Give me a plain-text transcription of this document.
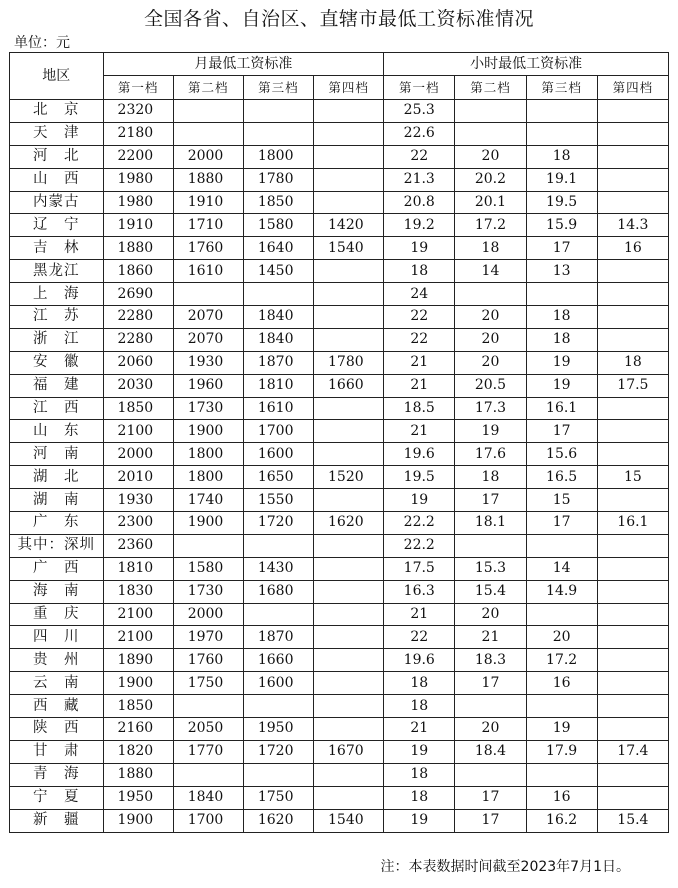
全国各省、自治区、直辖市最低工资标准情况
单位：元
地区	月最低工资标准				小时最低工资标准			
	第一档	第二档	第三档	第四档	第一档	第二档	第三档	第四档
北　京	2320				25.3			
天　津	2180				22.6			
河　北	2200	2000	1800		22	20	18	
山　西	1980	1880	1780		21.3	20.2	19.1	
内蒙古	1980	1910	1850		20.8	20.1	19.5	
辽　宁	1910	1710	1580	1420	19.2	17.2	15.9	14.3
吉　林	1880	1760	1640	1540	19	18	17	16
黑龙江	1860	1610	1450		18	14	13	
上　海	2690				24			
江　苏	2280	2070	1840		22	20	18	
浙　江	2280	2070	1840		22	20	18	
安　徽	2060	1930	1870	1780	21	20	19	18
福　建	2030	1960	1810	1660	21	20.5	19	17.5
江　西	1850	1730	1610		18.5	17.3	16.1	
山　东	2100	1900	1700		21	19	17	
河　南	2000	1800	1600		19.6	17.6	15.6	
湖　北	2010	1800	1650	1520	19.5	18	16.5	15
湖　南	1930	1740	1550		19	17	15	
广　东	2300	1900	1720	1620	22.2	18.1	17	16.1
其中：深圳	2360				22.2			
广　西	1810	1580	1430		17.5	15.3	14	
海　南	1830	1730	1680		16.3	15.4	14.9	
重　庆	2100	2000			21	20		
四　川	2100	1970	1870		22	21	20	
贵　州	1890	1760	1660		19.6	18.3	17.2	
云　南	1900	1750	1600		18	17	16	
西　藏	1850				18			
陕　西	2160	2050	1950		21	20	19	
甘　肃	1820	1770	1720	1670	19	18.4	17.9	17.4
青　海	1880				18			
宁　夏	1950	1840	1750		18	17	16	
新　疆	1900	1700	1620	1540	19	17	16.2	15.4
注：本表数据时间截至2023年7月1日。
